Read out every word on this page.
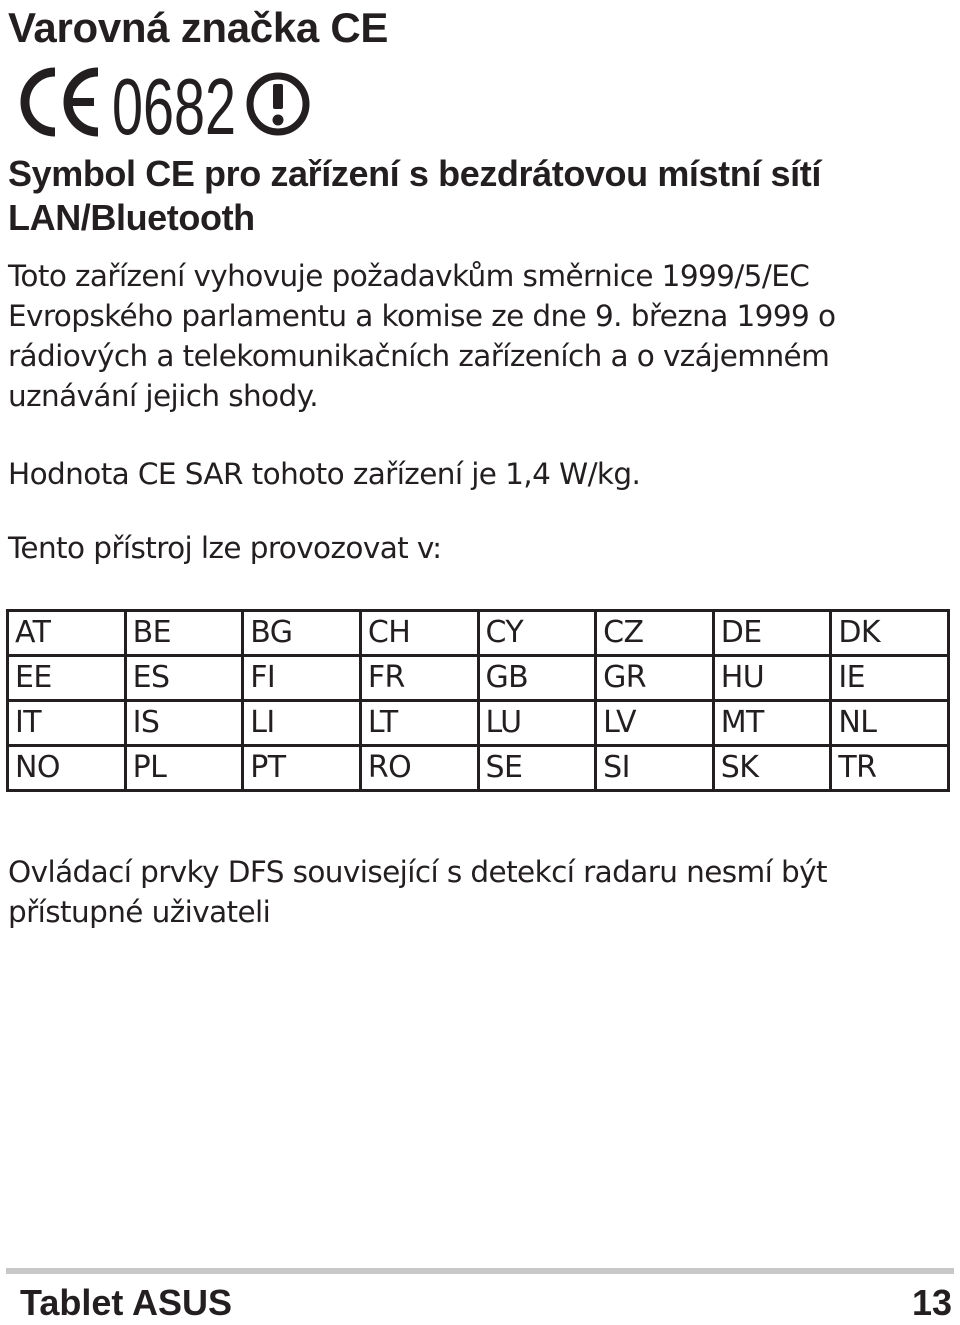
Varovná značka CE
0682
Symbol CE pro zařízení s bezdrátovou místní sítí LAN/Bluetooth

Toto zařízení vyhovuje požadavkům směrnice 1999/5/EC Evropského parlamentu a komise ze dne 9. března 1999 o rádiových a telekomunikačních zařízeních a o vzájemném uznávání jejich shody.

Hodnota CE SAR tohoto zařízení je 1,4 W/kg.

Tento přístroj lze provozovat v:

AT	BE	BG	CH	CY	CZ	DE	DK
EE	ES	FI	FR	GB	GR	HU	IE
IT	IS	LI	LT	LU	LV	MT	NL
NO	PL	PT	RO	SE	SI	SK	TR

Ovládací prvky DFS související s detekcí radaru nesmí být přístupné uživateli

Tablet ASUS	13
